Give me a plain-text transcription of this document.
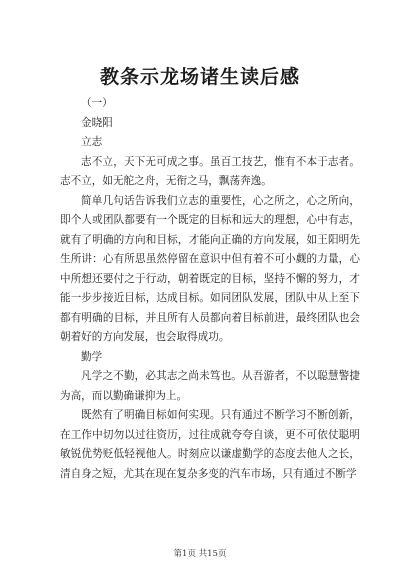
教条示龙场诸生读后感

（一）

金晓阳

立志

志不立，天下无可成之事。虽百工技艺，惟有不本于志者。志不立，如无舵之舟，无衔之马，飘荡奔逸。

简单几句话告诉我们立志的重要性，心之所之，心之所向，即个人或团队都要有一个既定的目标和远大的理想，心中有志，就有了明确的方向和目标，才能向正确的方向发展，如王阳明先生所讲：心有所思虽然停留在意识中但有着不可小觑的力量，心中所想还要付之于行动，朝着既定的目标，坚持不懈的努力，才能一步步接近目标，达成目标。如同团队发展，团队中从上至下都有明确的目标，并且所有人员都向着目标前进，最终团队也会朝着好的方向发展，也会取得成功。

勤学

凡学之不勤，必其志之尚未笃也。从吾游者，不以聪慧警捷为高，而以勤确谦抑为上。

既然有了明确目标如何实现。只有通过不断学习不断创新，在工作中切勿以过往资历，过往成就夸夸自谈，更不可依仗聪明敏锐优势贬低轻视他人。时刻应以谦虚勤学的态度去他人之长，清自身之短，尤其在现在复杂多变的汽车市场，只有通过不断学

第1页 共15页
